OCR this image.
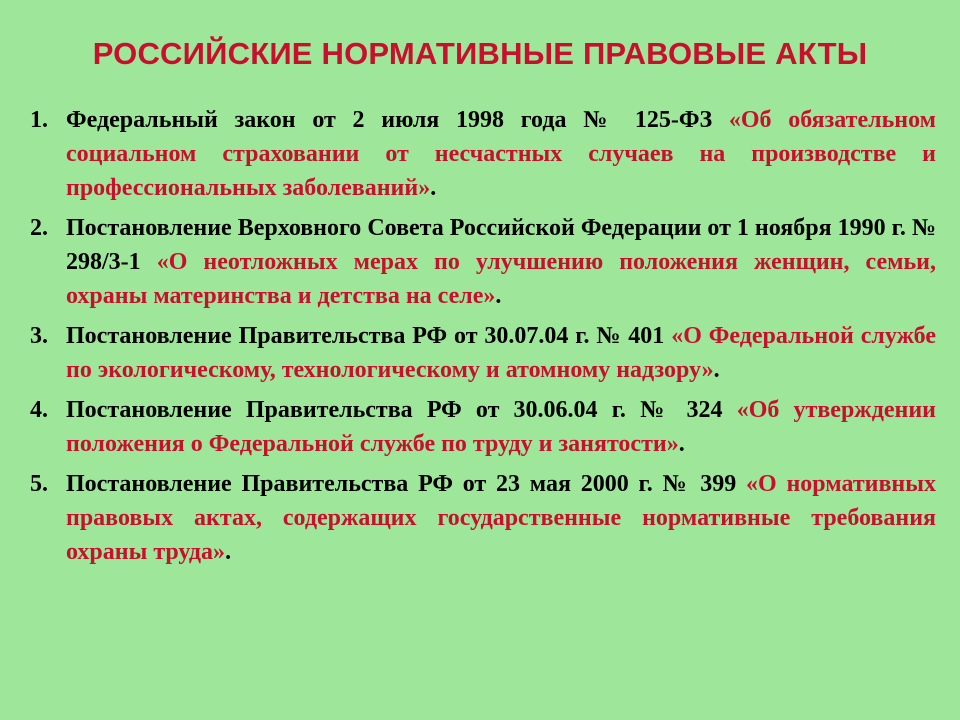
РОССИЙСКИЕ НОРМАТИВНЫЕ ПРАВОВЫЕ АКТЫ
1. Федеральный закон от 2 июля 1998 года № 125-ФЗ «Об обязательном социальном страховании от несчастных случаев на производстве и профессиональных заболеваний».
2. Постановление Верховного Совета Российской Федерации от 1 ноября 1990 г. № 298/3-1 «О неотложных мерах по улучшению положения женщин, семьи, охраны материнства и детства на селе».
3. Постановление Правительства РФ от 30.07.04 г. № 401 «О Федеральной службе по экологическому, технологическому и атомному надзору».
4. Постановление Правительства РФ от 30.06.04 г. № 324 «Об утверждении положения о Федеральной службе по труду и занятости».
5. Постановление Правительства РФ от 23 мая 2000 г. № 399 «О нормативных правовых актах, содержащих государственные нормативные требования охраны труда».
